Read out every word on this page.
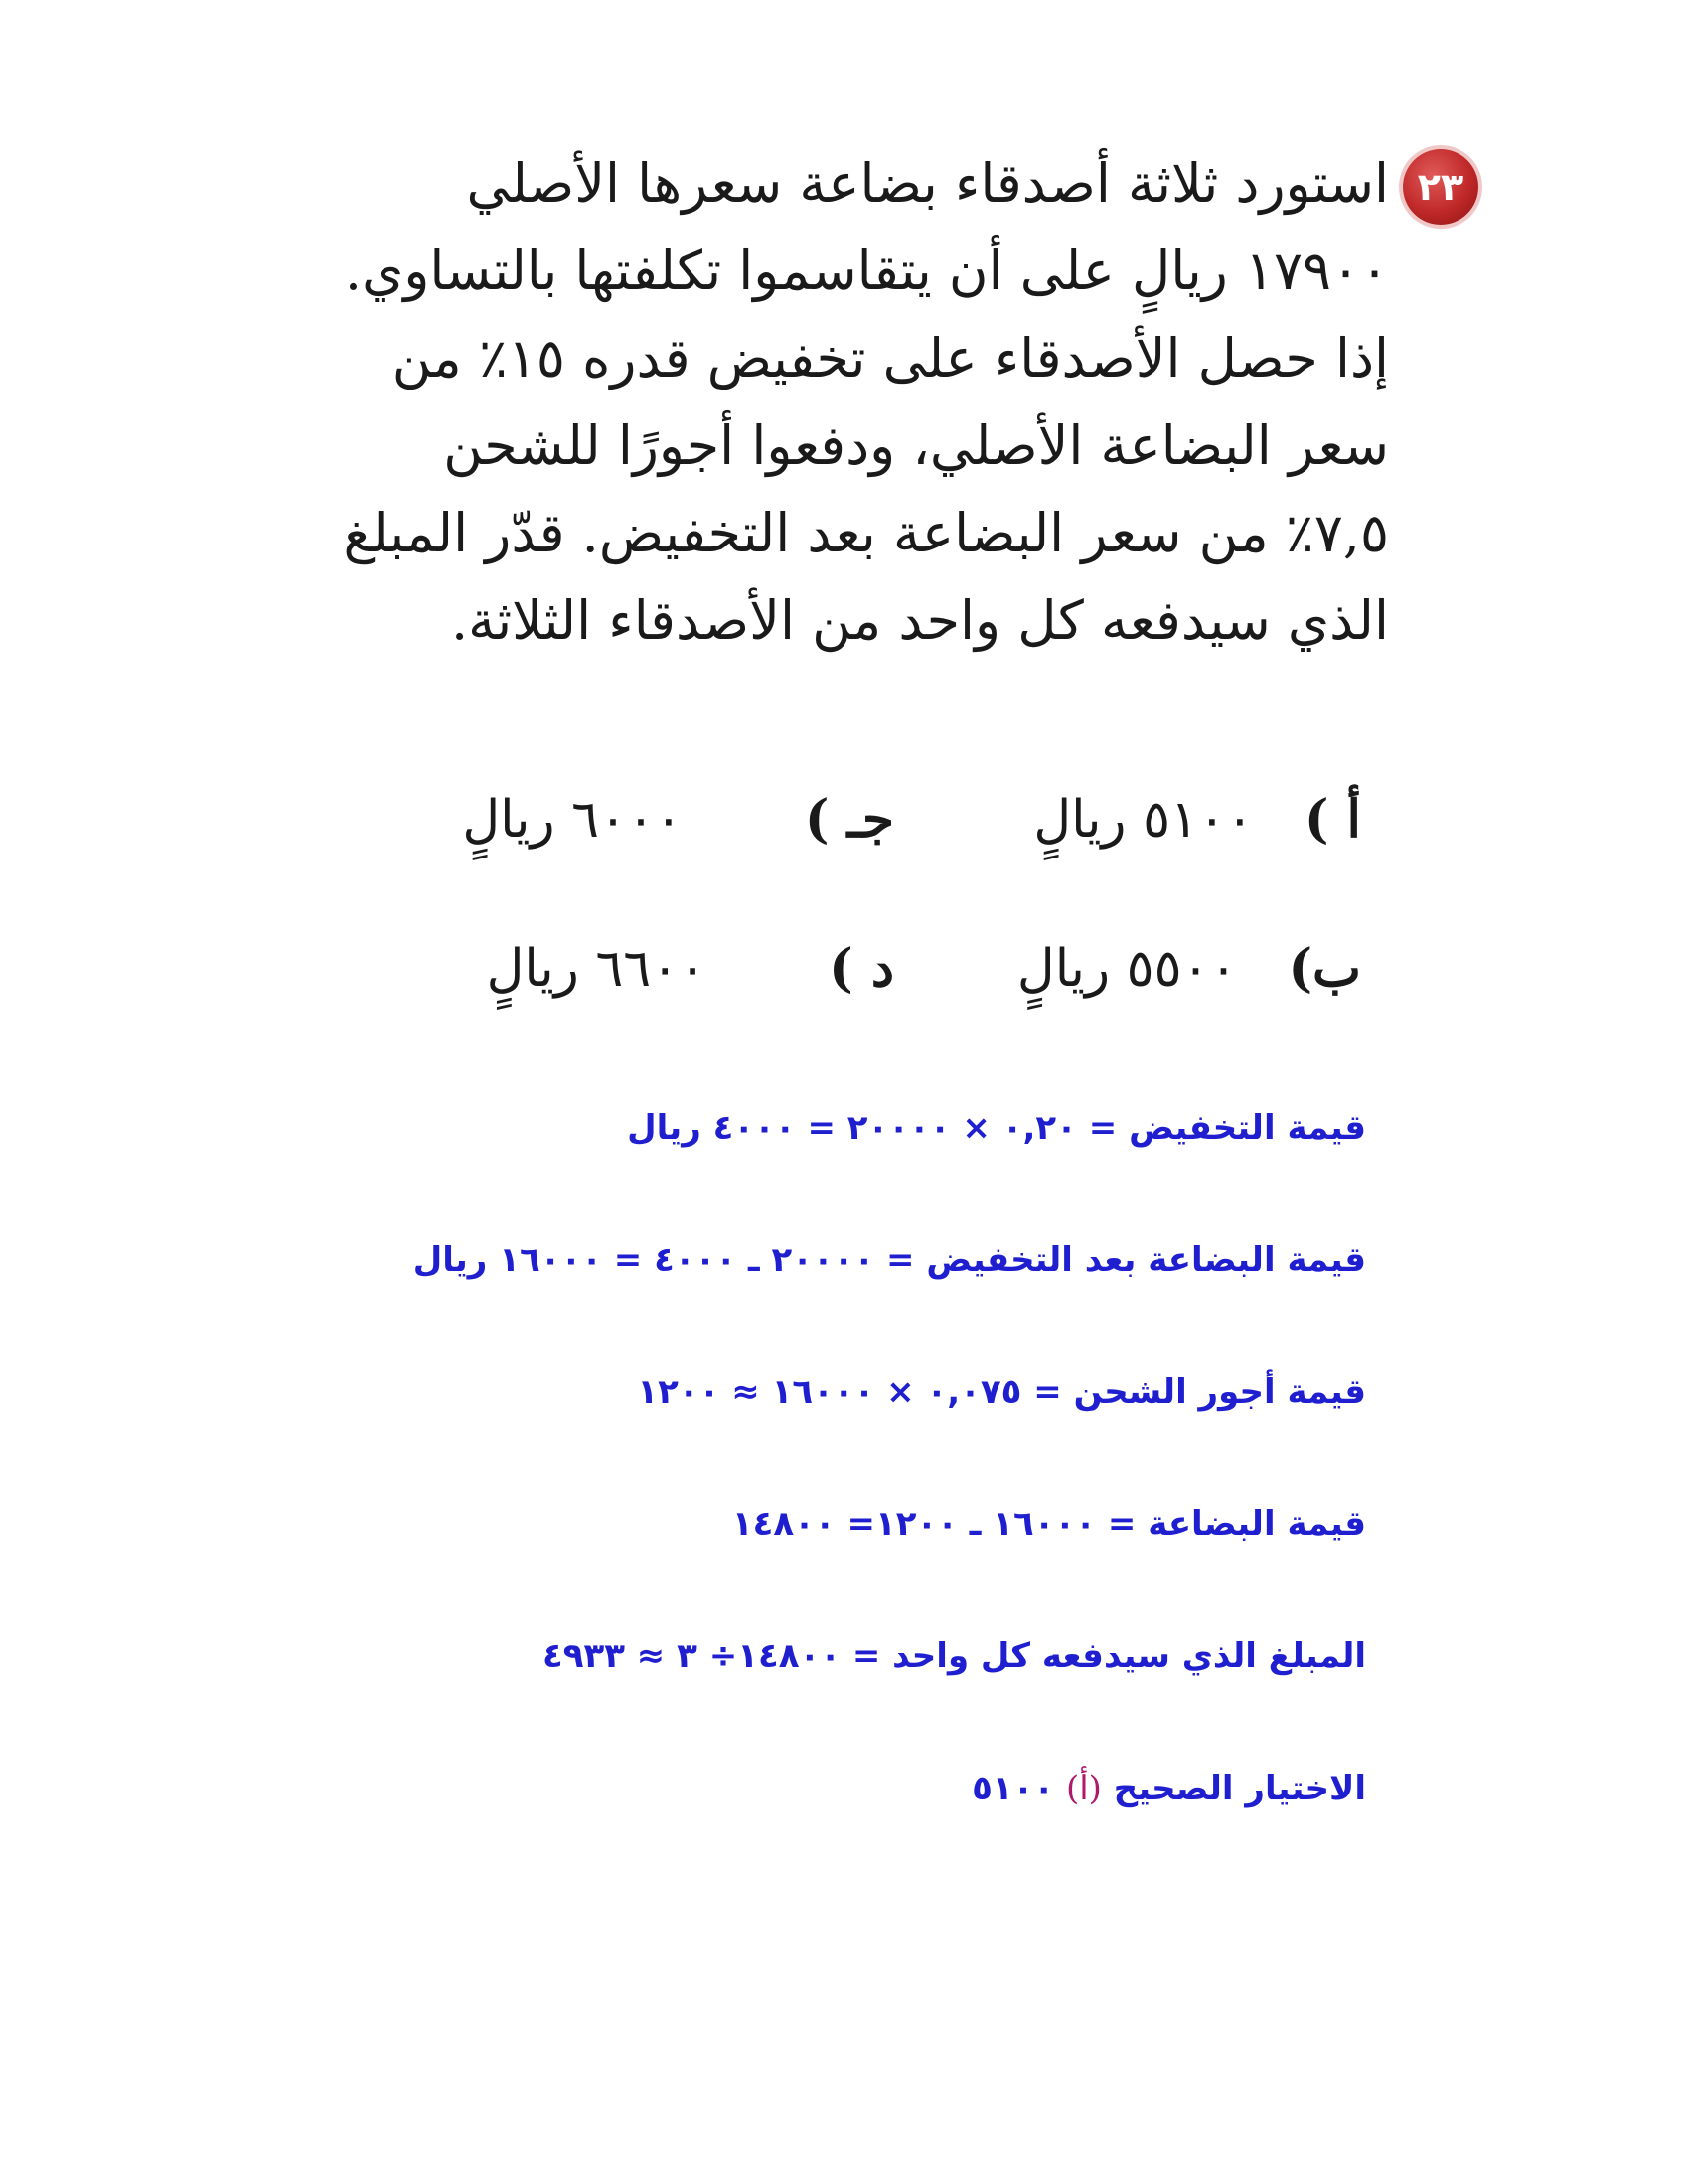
٢٣
استورد ثلاثة أصدقاء بضاعة سعرها الأصلي
١٧٩٠٠ ريالٍ على أن يتقاسموا تكلفتها بالتساوي.
إذا حصل الأصدقاء على تخفيض قدره ١٥٪ من
سعر البضاعة الأصلي، ودفعوا أجورًا للشحن
٧,٥٪ من سعر البضاعة بعد التخفيض. قدّر المبلغ
الذي سيدفعه كل واحد من الأصدقاء الثلاثة.
أ )  ٥١٠٠ ريالٍ
جـ )  ٦٠٠٠ ريالٍ
ب)  ٥٥٠٠ ريالٍ
د )  ٦٦٠٠ ريالٍ
قيمة التخفيض = ٠,٢٠ × ٢٠٠٠٠ = ٤٠٠٠ ريال
قيمة البضاعة بعد التخفيض = ٢٠٠٠٠ ـ ٤٠٠٠ = ١٦٠٠٠ ريال
قيمة أجور الشحن = ٠,٠٧٥ × ١٦٠٠٠ ≈ ١٢٠٠
قيمة البضاعة = ١٦٠٠٠ ـ ١٢٠٠= ١٤٨٠٠
المبلغ الذي سيدفعه كل واحد = ١٤٨٠٠÷ ٣ ≈ ٤٩٣٣
الاختيار الصحيح (أ) ٥١٠٠
